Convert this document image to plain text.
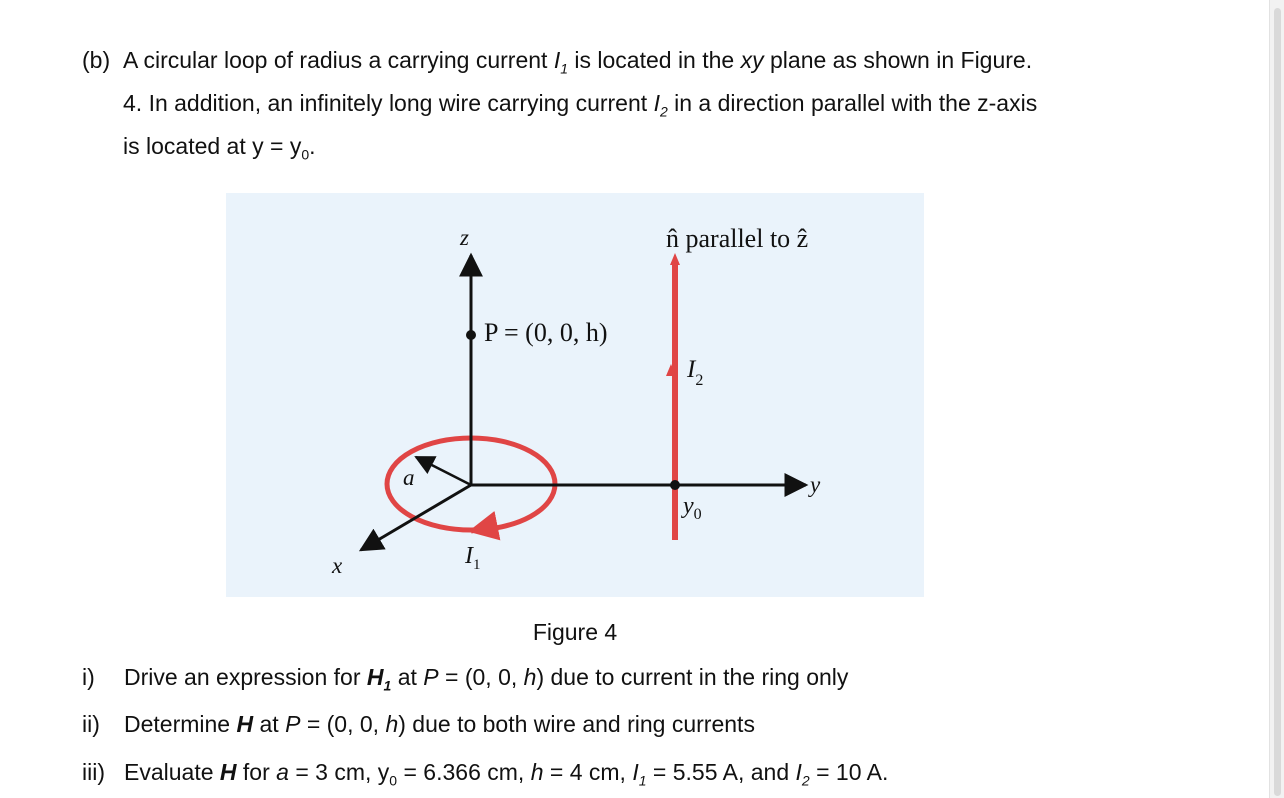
(b) A circular loop of radius a carrying current $I_1$ is located in the xy plane as shown in Figure.
4. In addition, an infinitely long wire carrying current $I_2$ in a direction parallel with the z-axis
is located at $y = y_0$.
z
y
x
P = (0, 0, h)
n̂ parallel to ẑ
a
$I_2$
$y_0$
$I_1$
Figure 4
i) Drive an expression for $H_1$ at P = (0, 0, h) due to current in the ring only
ii) Determine H at P = (0, 0, h) due to both wire and ring currents
iii) Evaluate H for a = 3 cm, $y_0 = 6.366$ cm, h = 4 cm, $I_1 = 5.55$ A, and $I_2 = 10$ A.
